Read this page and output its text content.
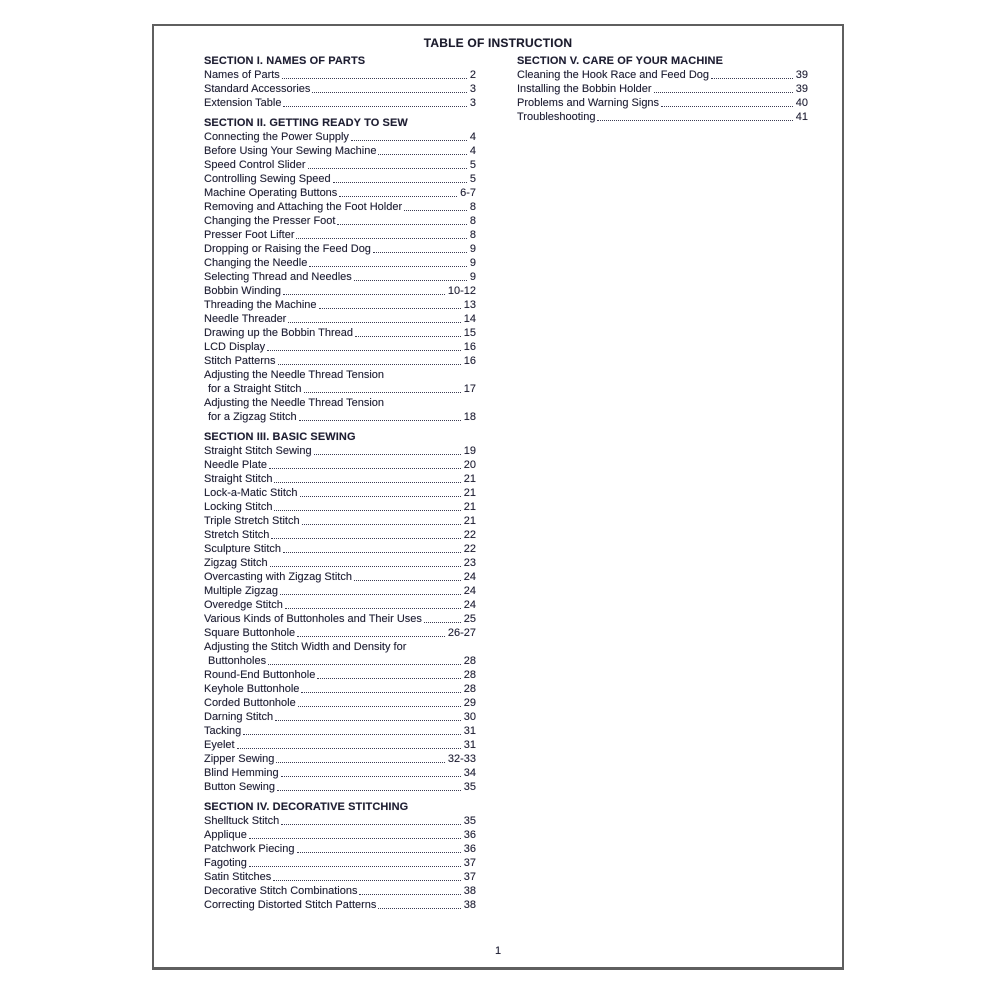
TABLE OF INSTRUCTION
SECTION I. NAMES OF PARTS
Names of Parts	2
Standard Accessories	3
Extension Table	3
SECTION II. GETTING READY TO SEW
Connecting the Power Supply	4
Before Using Your Sewing Machine	4
Speed Control Slider	5
Controlling Sewing Speed	5
Machine Operating Buttons	6-7
Removing and Attaching the Foot Holder	8
Changing the Presser Foot	8
Presser Foot Lifter	8
Dropping or Raising the Feed Dog	9
Changing the Needle	9
Selecting Thread and Needles	9
Bobbin Winding	10-12
Threading the Machine	13
Needle Threader	14
Drawing up the Bobbin Thread	15
LCD Display	16
Stitch Patterns	16
Adjusting the Needle Thread Tension
for a Straight Stitch	17
Adjusting the Needle Thread Tension
for a Zigzag Stitch	18
SECTION III. BASIC SEWING
Straight Stitch Sewing	19
Needle Plate	20
Straight Stitch	21
Lock-a-Matic Stitch	21
Locking Stitch	21
Triple Stretch Stitch	21
Stretch Stitch	22
Sculpture Stitch	22
Zigzag Stitch	23
Overcasting with Zigzag Stitch	24
Multiple Zigzag	24
Overedge Stitch	24
Various Kinds of Buttonholes and Their Uses	25
Square Buttonhole	26-27
Adjusting the Stitch Width and Density for
Buttonholes	28
Round-End Buttonhole	28
Keyhole Buttonhole	28
Corded Buttonhole	29
Darning Stitch	30
Tacking	31
Eyelet	31
Zipper Sewing	32-33
Blind Hemming	34
Button Sewing	35
SECTION IV. DECORATIVE STITCHING
Shelltuck Stitch	35
Applique	36
Patchwork Piecing	36
Fagoting	37
Satin Stitches	37
Decorative Stitch Combinations	38
Correcting Distorted Stitch Patterns	38
SECTION V. CARE OF YOUR MACHINE
Cleaning the Hook Race and Feed Dog	39
Installing the Bobbin Holder	39
Problems and Warning Signs	40
Troubleshooting	41
1
